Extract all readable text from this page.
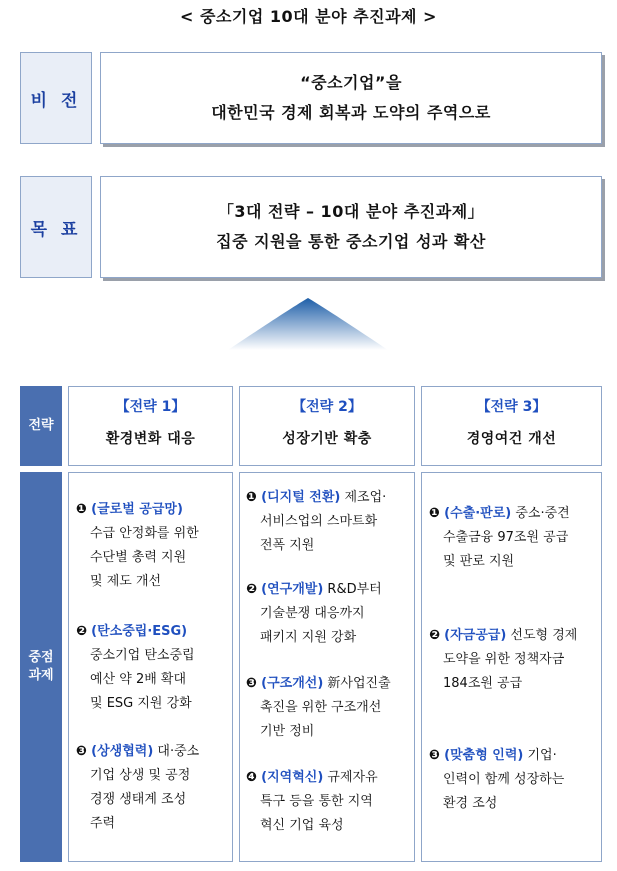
< 중소기업 10대 분야 추진과제 >
비 전
“중소기업”을
대한민국 경제 회복과 도약의 주역으로
목 표
「3대 전략 – 10대 분야 추진과제」
집중 지원을 통한 중소기업 성과 확산
전략
【전략 1】
환경변화 대응
【전략 2】
성장기반 확충
【전략 3】
경영여건 개선
중점
과제
❶ (글로벌 공급망)
수급 안정화를 위한
수단별 총력 지원
및 제도 개선
❷ (탄소중립·ESG)
중소기업 탄소중립
예산 약 2배 확대
및 ESG 지원 강화
❸ (상생협력) 대·중소
기업 상생 및 공정
경쟁 생태계 조성
주력
❶ (디지털 전환) 제조업·
서비스업의 스마트화
전폭 지원
❷ (연구개발) R&D부터
기술분쟁 대응까지
패키지 지원 강화
❸ (구조개선) 新사업진출
촉진을 위한 구조개선
기반 정비
❹ (지역혁신) 규제자유
특구 등을 통한 지역
혁신 기업 육성
❶ (수출·판로) 중소·중견
수출금융 97조원 공급
및 판로 지원
❷ (자금공급) 선도형 경제
도약을 위한 정책자금
184조원 공급
❸ (맞춤형 인력) 기업·
인력이 함께 성장하는
환경 조성
